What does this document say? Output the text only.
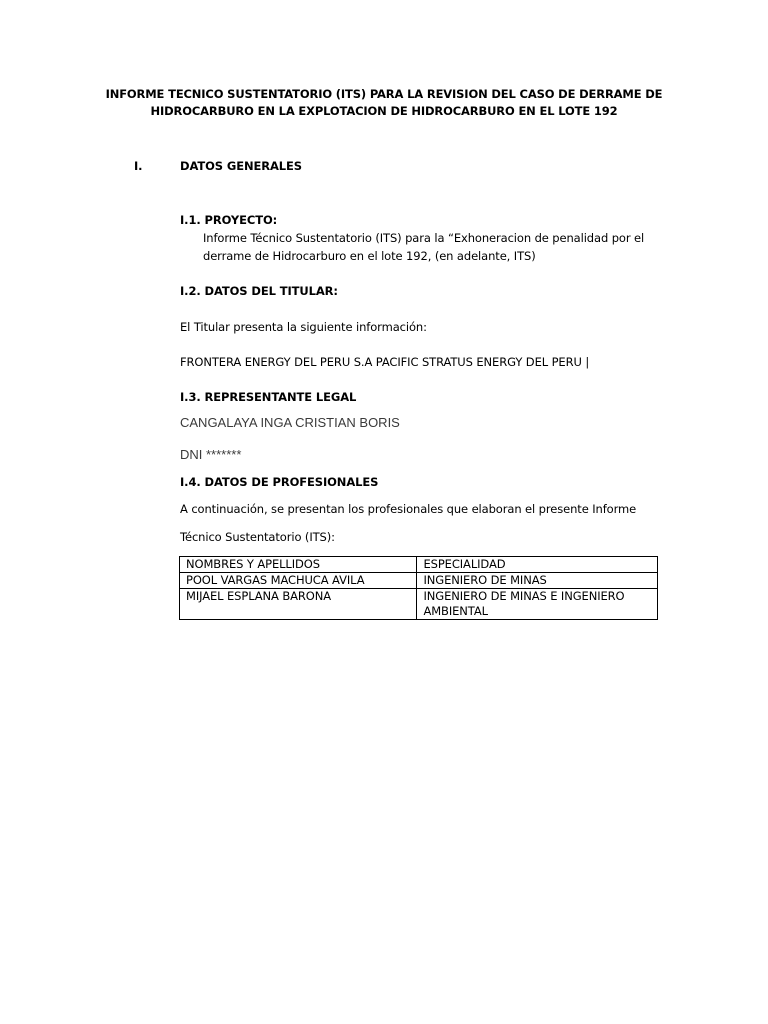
INFORME TECNICO SUSTENTATORIO (ITS) PARA LA REVISION DEL CASO DE DERRAME DE
HIDROCARBURO EN LA EXPLOTACION DE HIDROCARBURO EN EL LOTE 192
I.	DATOS GENERALES
I.1. PROYECTO:
Informe Técnico Sustentatorio (ITS) para la “Exhoneracion de penalidad por el
derrame de Hidrocarburo en el lote 192, (en adelante, ITS)
I.2. DATOS DEL TITULAR:
El Titular presenta la siguiente información:
FRONTERA ENERGY DEL PERU S.A PACIFIC STRATUS ENERGY DEL PERU |
I.3. REPRESENTANTE LEGAL
CANGALAYA INGA CRISTIAN BORIS
DNI *******
I.4. DATOS DE PROFESIONALES
A continuación, se presentan los profesionales que elaboran el presente Informe
Técnico Sustentatorio (ITS):
NOMBRES Y APELLIDOS	ESPECIALIDAD
POOL VARGAS MACHUCA AVILA	INGENIERO DE MINAS
MIJAEL ESPLANA BARONA	INGENIERO DE MINAS E INGENIERO
AMBIENTAL
